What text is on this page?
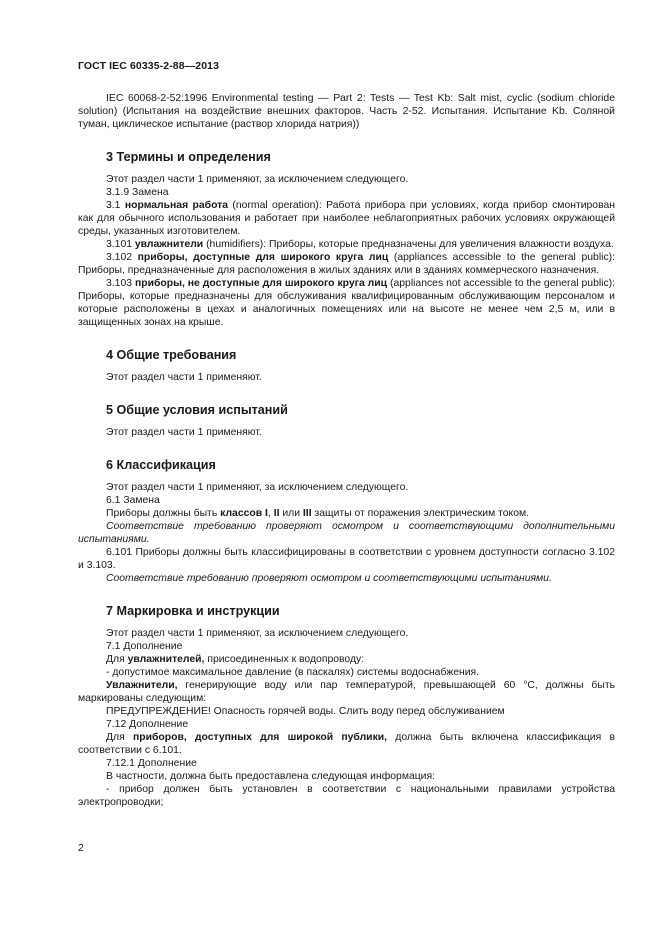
ГОСТ IEC 60335-2-88—2013

IEC 60068-2-52:1996 Environmental testing — Part 2: Tests — Test Kb: Salt mist, cyclic (sodium chloride solution) (Испытания на воздействие внешних факторов. Часть 2-52. Испытания. Испытание Kb. Соляной туман, циклическое испытание (раствор хлорида натрия))

3 Термины и определения

Этот раздел части 1 применяют, за исключением следующего.

3.1.9 Замена

3.1 нормальная работа (normal operation): Работа прибора при условиях, когда прибор смонтирован как для обычного использования и работает при наиболее неблагоприятных рабочих условиях окружающей среды, указанных изготовителем.

3.101 увлажнители (humidifiers): Приборы, которые предназначены для увеличения влажности воздуха.

3.102 приборы, доступные для широкого круга лиц (appliances accessible to the general public): Приборы, предназначенные для расположения в жилых зданиях или в зданиях коммерческого назначения.

3.103 приборы, не доступные для широкого круга лиц (appliances not accessible to the general public): Приборы, которые предназначены для обслуживания квалифицированным обслуживающим персоналом и которые расположены в цехах и аналогичных помещениях или на высоте не менее чем 2,5 м, или в защищенных зонах на крыше.

4 Общие требования

Этот раздел части 1 применяют.

5 Общие условия испытаний

Этот раздел части 1 применяют.

6 Классификация

Этот раздел части 1 применяют, за исключением следующего.

6.1 Замена

Приборы должны быть классов I, II или III защиты от поражения электрическим током.

Соответствие требованию проверяют осмотром и соответствующими дополнительными испытаниями.

6.101 Приборы должны быть классифицированы в соответствии с уровнем доступности согласно 3.102 и 3.103.

Соответствие требованию проверяют осмотром и соответствующими испытаниями.

7 Маркировка и инструкции

Этот раздел части 1 применяют, за исключением следующего.

7.1 Дополнение

Для увлажнителей, присоединенных к водопроводу:

- допустимое максимальное давление (в паскалях) системы водоснабжения.

Увлажнители, генерирующие воду или пар температурой, превышающей 60 °С, должны быть маркированы следующим:

ПРЕДУПРЕЖДЕНИЕ! Опасность горячей воды. Слить воду перед обслуживанием

7.12 Дополнение

Для приборов, доступных для широкой публики, должна быть включена классификация в соответствии с 6.101.

7.12.1 Дополнение

В частности, должна быть предоставлена следующая информация:

- прибор должен быть установлен в соответствии с национальными правилами устройства электропроводки;

2
